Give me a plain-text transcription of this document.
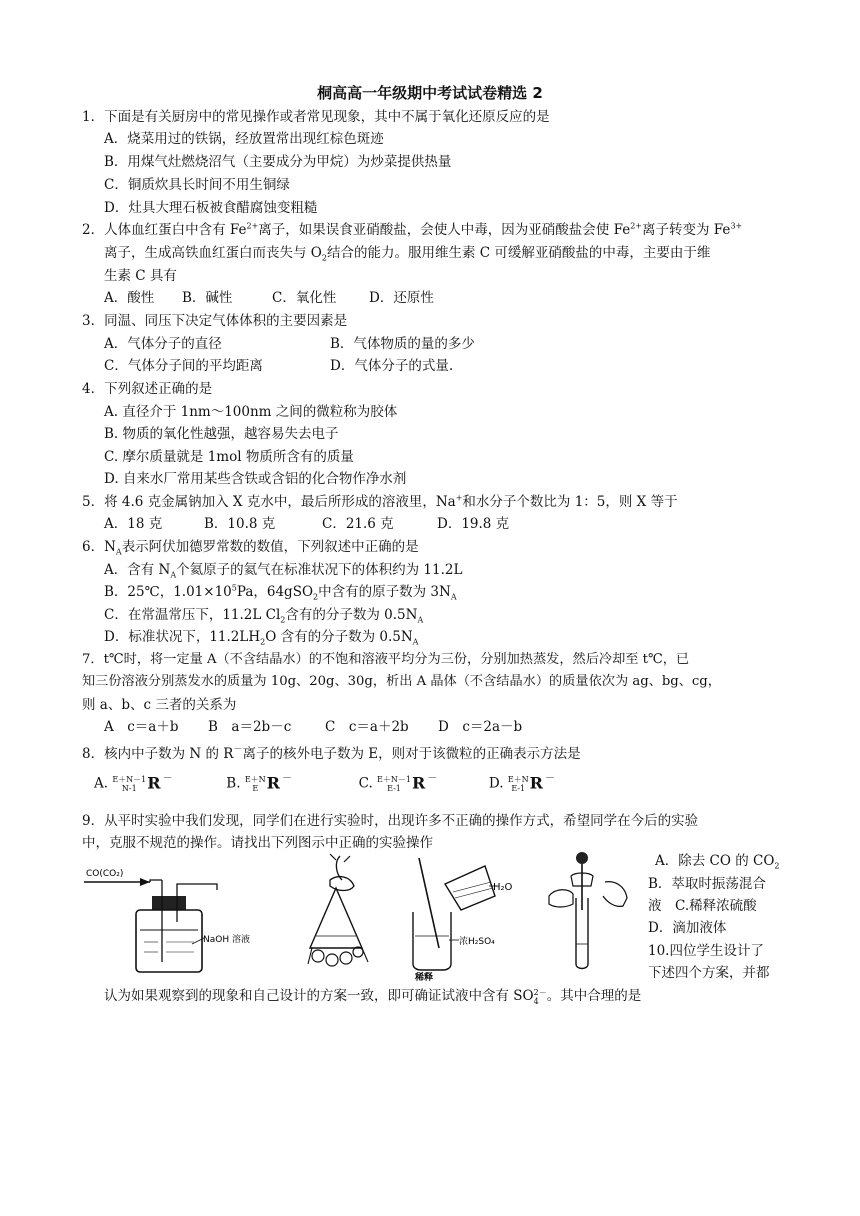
桐高高一年级期中考试试卷精选 2
1．下面是有关厨房中的常见操作或者常见现象，其中不属于氧化还原反应的是
A．烧菜用过的铁锅，经放置常出现红棕色斑迹
B．用煤气灶燃烧沼气（主要成分为甲烷）为炒菜提供热量
C．铜质炊具长时间不用生铜绿
D．灶具大理石板被食醋腐蚀变粗糙
2．人体血红蛋白中含有 $Fe^{2+}$离子，如果误食亚硝酸盐，会使人中毒，因为亚硝酸盐会使 $Fe^{2+}$离子转变为 $Fe^{3+}$
离子，生成高铁血红蛋白而丧失与 $O_2$结合的能力。服用维生素 C 可缓解亚硝酸盐的中毒，主要由于维
生素 C 具有
A．酸性 B．碱性	C．氧化性 D．还原性
3．同温、同压下决定气体体积的主要因素是
A．气体分子的直径	B．气体物质的量的多少
C．气体分子间的平均距离	D．气体分子的式量.
4．下列叙述正确的是
A. 直径介于 1nm～100nm 之间的微粒称为胶体
B. 物质的氧化性越强，越容易失去电子
C. 摩尔质量就是 1mol 物质所含有的质量
D. 自来水厂常用某些含铁或含铝的化合物作净水剂
5．将 4.6 克金属钠加入 X 克水中，最后所形成的溶液里，Na+和水分子个数比为 1：5，则 X 等于
A．18 克	B．10.8 克	C．21.6 克	D．19.8 克
6．$N_A$表示阿伏加德罗常数的数值，下列叙述中正确的是
A．含有 $N_A$个氦原子的氦气在标准状况下的体积约为 11.2L
B．25℃，$1.01\times 10^5Pa$，64gSO$_2$中含有的原子数为 $3N_A$
C．在常温常压下，11.2L $Cl_2$含有的分子数为 $0.5N_A$
D．标准状况下，$11.2LH_2O$ 含有的分子数为 $0.5N_A$
7．t℃时，将一定量 A（不含结晶水）的不饱和溶液平均分为三份，分别加热蒸发，然后冷却至 t℃，已
知三份溶液分别蒸发水的质量为 10g、20g、30g，析出 A 晶体（不含结晶水）的质量依次为 ag、bg、cg，
则 a、b、c 三者的关系为
A　c＝a＋b B　a＝2b－c C　c＝a＋2b D　c＝2a－b
8．核内中子数为 N 的 R－离子的核外电子数为 E，则对于该微粒的正确表示方法是
A. E＋N－1
N-1 R －	B. E＋N
E R －	C. E＋N－1
E-1 R －	D. E＋N
E-1 R －
9．从平时实验中我们发现，同学们在进行实验时，出现许多不正确的操作方式，希望同学在今后的实验
中，克服不规范的操作。请找出下列图示中正确的实验操作
CO(CO₂)
NaOH 溶液
H₂O
浓H₂SO₄
稀释
A．除去 CO 的 $CO_2$
B．萃取时振荡混合
液　C.稀释浓硫酸
D．滴加液体
10.四位学生设计了
下述四个方案，并都
认为如果观察到的现象和自己设计的方案一致，即可确证试液中含有 SO 2－
4 。其中合理的是
